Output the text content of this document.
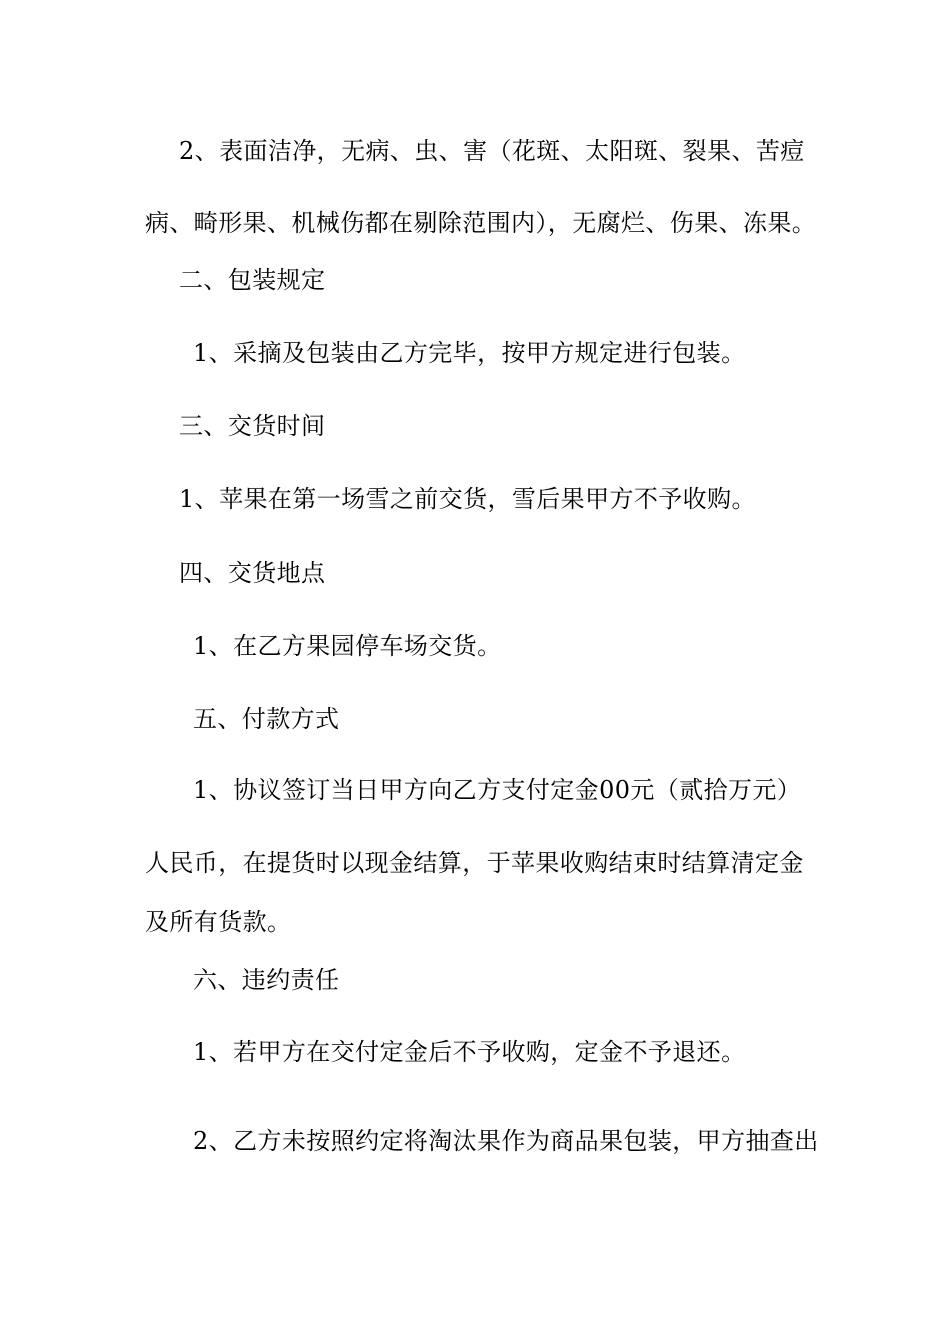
2、表面洁净，无病、虫、害（花斑、太阳斑、裂果、苦痘
病、畸形果、机械伤都在剔除范围内），无腐烂、伤果、冻果。
二、包装规定
1、采摘及包装由乙方完毕，按甲方规定进行包装。
三、交货时间
1、苹果在第一场雪之前交货，雪后果甲方不予收购。
四、交货地点
1、在乙方果园停车场交货。
五、付款方式
1、协议签订当日甲方向乙方支付定金00元（贰拾万元）
人民币，在提货时以现金结算，于苹果收购结束时结算清定金
及所有货款。
六、违约责任
1、若甲方在交付定金后不予收购，定金不予退还。
2、乙方未按照约定将淘汰果作为商品果包装，甲方抽查出
